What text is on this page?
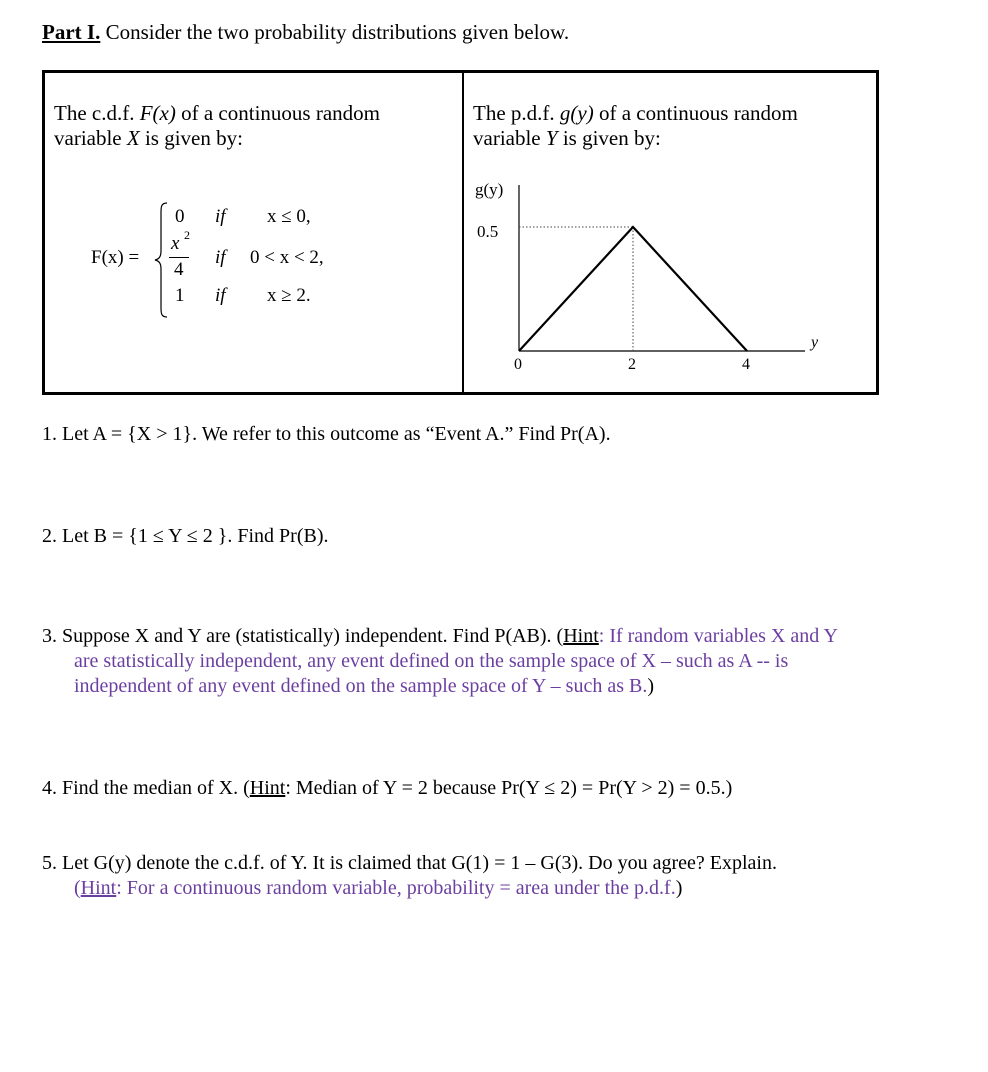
Part I. Consider the two probability distributions given below.
The c.d.f. F(x) of a continuous random
variable X is given by:
F(x) =
0 if x ≤ 0,
x 2
4
if 0 < x < 2,
1 if x ≥ 2.
The p.d.f. g(y) of a continuous random
variable Y is given by:
g(y)
y
0.5
0	2	4
1. Let A = {X > 1}. We refer to this outcome as “Event A.” Find Pr(A).
2. Let B = {1 ≤ Y ≤ 2 }. Find Pr(B).
3. Suppose X and Y are (statistically) independent. Find P(AB). (Hint: If random variables X and Y
are statistically independent, any event defined on the sample space of X – such as A -- is
independent of any event defined on the sample space of Y – such as B.)
4. Find the median of X. (Hint: Median of Y = 2 because Pr(Y ≤ 2) = Pr(Y > 2) = 0.5.)
5. Let G(y) denote the c.d.f. of Y. It is claimed that G(1) = 1 – G(3). Do you agree? Explain.
(Hint: For a continuous random variable, probability = area under the p.d.f.)
